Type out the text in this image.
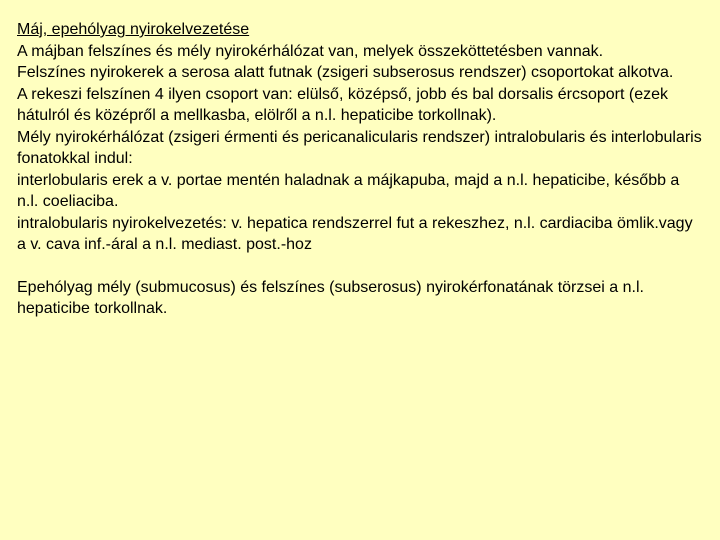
Máj, epehólyag nyirokelvezetése
A májban felszínes és mély nyirokérhálózat van, melyek összeköttetésben vannak.
Felszínes nyirokerek a serosa alatt futnak (zsigeri subserosus rendszer) csoportokat alkotva.
A rekeszi felszínen 4 ilyen csoport van: elülső, középső, jobb és bal dorsalis ércsoport (ezek hátulról és középről a mellkasba, elölről a n.l. hepaticibe torkollnak).
Mély nyirokérhálózat (zsigeri érmenti és pericanalicularis rendszer) intralobularis és interlobularis fonatokkal indul:
interlobularis erek a v. portae mentén haladnak a májkapuba, majd a n.l. hepaticibe, később a n.l. coeliaciba.
intralobularis nyirokelvezetés: v. hepatica rendszerrel fut a rekeszhez, n.l. cardiaciba ömlik.vagy a v. cava inf.-áral a n.l. mediast. post.-hoz
Epehólyag mély (submucosus) és felszínes (subserosus) nyirokérfonatának törzsei a n.l. hepaticibe torkollnak.
